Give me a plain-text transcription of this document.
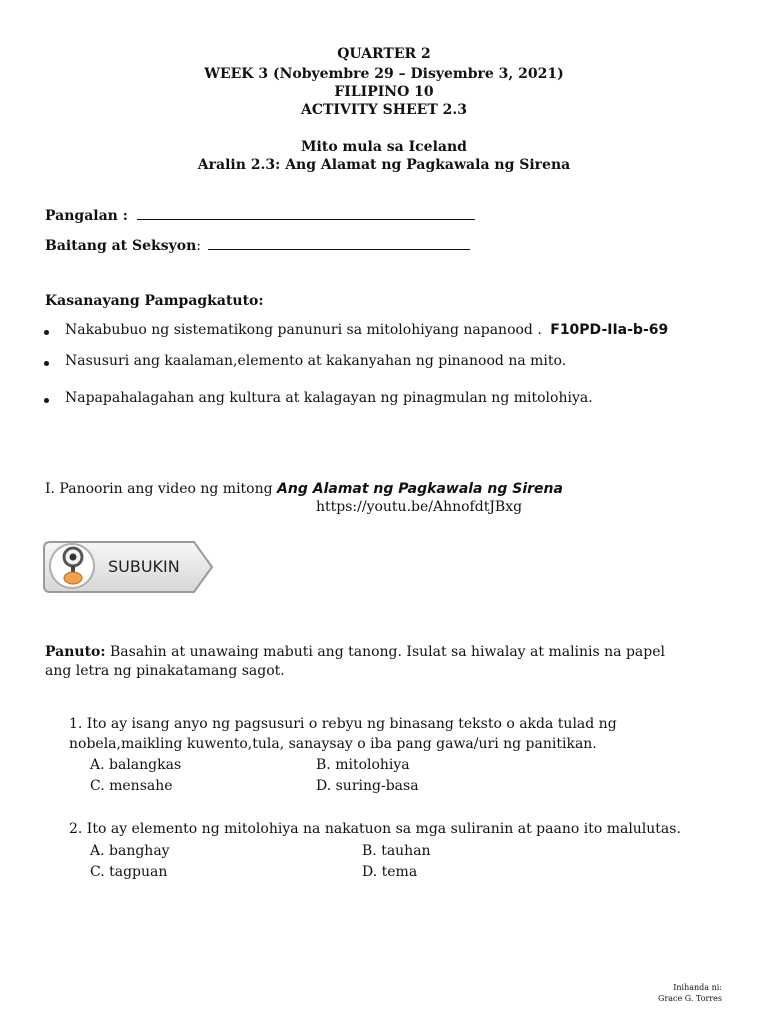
QUARTER 2
WEEK 3 (Nobyembre 29 – Disyembre 3, 2021)
FILIPINO 10
ACTIVITY SHEET 2.3
Mito mula sa Iceland
Aralin 2.3: Ang Alamat ng Pagkawala ng Sirena
Pangalan :
Baitang at Seksyon:
Kasanayang Pampagkatuto:
Nakabubuo ng sistematikong panunuri sa mitolohiyang napanood . F10PD-IIa-b-69
Nasusuri ang kaalaman,elemento at kakanyahan ng pinanood na mito.
Napapahalagahan ang kultura at kalagayan ng pinagmulan ng mitolohiya.
I. Panoorin ang video ng mitong Ang Alamat ng Pagkawala ng Sirena
https://youtu.be/AhnofdtJBxg
SUBUKIN
Panuto: Basahin at unawaing mabuti ang tanong. Isulat sa hiwalay at malinis na papel
ang letra ng pinakatamang sagot.
1. Ito ay isang anyo ng pagsusuri o rebyu ng binasang teksto o akda tulad ng
nobela,maikling kuwento,tula, sanaysay o iba pang gawa/uri ng panitikan.
A. balangkas	B. mitolohiya
C. mensahe	D. suring-basa
2. Ito ay elemento ng mitolohiya na nakatuon sa mga suliranin at paano ito malulutas.
A. banghay	B. tauhan
C. tagpuan	D. tema
Inihanda ni:
Grace G. Torres
